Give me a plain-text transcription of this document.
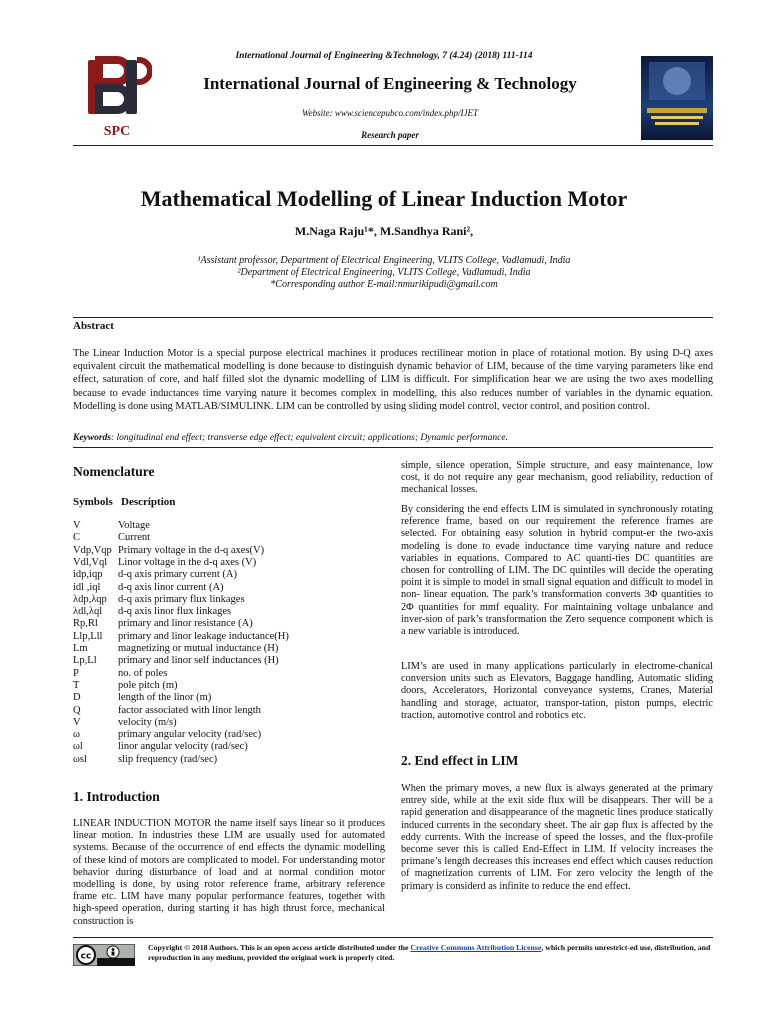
International Journal of Engineering &Technology, 7 (4.24) (2018) 111-114
SPC
International Journal of Engineering & Technology
Website: www.sciencepubco.com/index.php/IJET
Research paper
Mathematical Modelling of Linear Induction Motor
M.Naga Raju¹*, M.Sandhya Rani²,
¹Assistant professor, Department of Electrical Engineering, VLITS College, Vadlamudi, India
²Department of Electrical Engineering, VLITS College, Vadlamudi, India
*Corresponding author E-mail:nmurikipudi@gmail.com
Abstract
The Linear Induction Motor is a special purpose electrical machines it produces rectilinear motion in place of rotational motion. By using D-Q axes equivalent circuit the mathematical modelling is done because to distinguish dynamic behavior of LIM, because of the time varying parameters like end effect, saturation of core, and half filled slot the dynamic modelling of LIM is difficult. For simplification hear we are using the two axes modelling because to evade inductances time varying nature it becomes complex in modelling, this also reduces number of variables in the dynamic equation. Modelling is done using MATLAB/SIMULINK. LIM can be controlled by using sliding model control, vector control, and position control.
Keywords: longitudinal end effect; transverse edge effect; equivalent circuit; applications; Dynamic performance.
Nomenclature
Symbols Description
V	Voltage
C	Current
Vdp,Vqp Primary voltage in the d-q axes(V)
Vdl,Vql Linor voltage in the d-q axes (V)
idp,iqp d-q axis primary current (A)
idl ,iql d-q axis linor current (A)
λdp,λqp d-q axis primary flux linkages
λdl,λql d-q axis linor flux linkages
Rp,Rl primary and linor resistance (A)
Llp,Lll primary and linor leakage inductance(H)
Lm	magnetizing or mutual inductance (H)
Lp,Ll primary and linor self inductances (H)
P	no. of poles
T	pole pitch (m)
D	length of the linor (m)
Q	factor associated with linor length
V	velocity (m/s)
ω	primary angular velocity (rad/sec)
ωl	linor angular velocity (rad/sec)
ωsl	slip frequency (rad/sec)
1. Introduction
LINEAR INDUCTION MOTOR the name itself says linear so it produces linear motion. In industries these LIM are usually used for automated systems. Because of the occurrence of end effects the dynamic modelling of these kind of motors are complicated to model. For understanding motor behavior during disturbance of load and at normal condition motor modelling is done, by using rotor reference frame, arbitrary reference frame etc. LIM have many popular performance features, together with high-speed operation, during starting it has high thrust force, mechanical construction is
simple, silence operation, Simple structure, and easy maintenance, low cost, it do not require any gear mechanism, good reliability, reduction of mechanical losses.
By considering the end effects LIM is simulated in synchronously rotating reference frame, based on our requirement the reference frames are selected. For obtaining easy solution in hybrid comput-er the two-axis modeling is done to evade inductance time varying nature and reduce variables in equations. Compared to AC quanti-ties DC quantities are chosen for controlling of LIM. The DC quintiles will decide the operating point it is simple to model in small signal equation and difficult to model in non- linear equation. The park’s transformation converts 3Φ quantities to 2Φ quantities for mmf equality. For maintaining voltage unbalance and inver-sion of park’s transformation the Zero sequence component which is a new variable is introduced.
LIM’s are used in many applications particularly in electrome-chanical conversion units such as Elevators, Baggage handling, Automatic sliding doors, Accelerators, Horizontal conveyance systems, Cranes, Material handling and storage, actuator, transpor-tation, piston pumps, electric traction, automotive control and robotics etc.
2. End effect in LIM
When the primary moves, a new flux is always generated at the primary entrey side, while at the exit side flux will be disappears. Ther will be a rapid generation and disappearance of the magnetic lines produce statically induced currents in the secondary sheet. The air gap flux is affected by the eddy currents. With the increase of speed the losses, and the flux-profile become sever this is called End-Effect in LIM. If velocity increases the primane’s length decreases this increases end effect which causes reduction of magnetization currents of LIM. For zero velocity the length of the primary is considerd as infinite to reduce the end effect.
cc
Copyright © 2018 Authors. This is an open access article distributed under the Creative Commons Attribution License, which permits unrestrict-ed use, distribution, and reproduction in any medium, provided the original work is properly cited.
